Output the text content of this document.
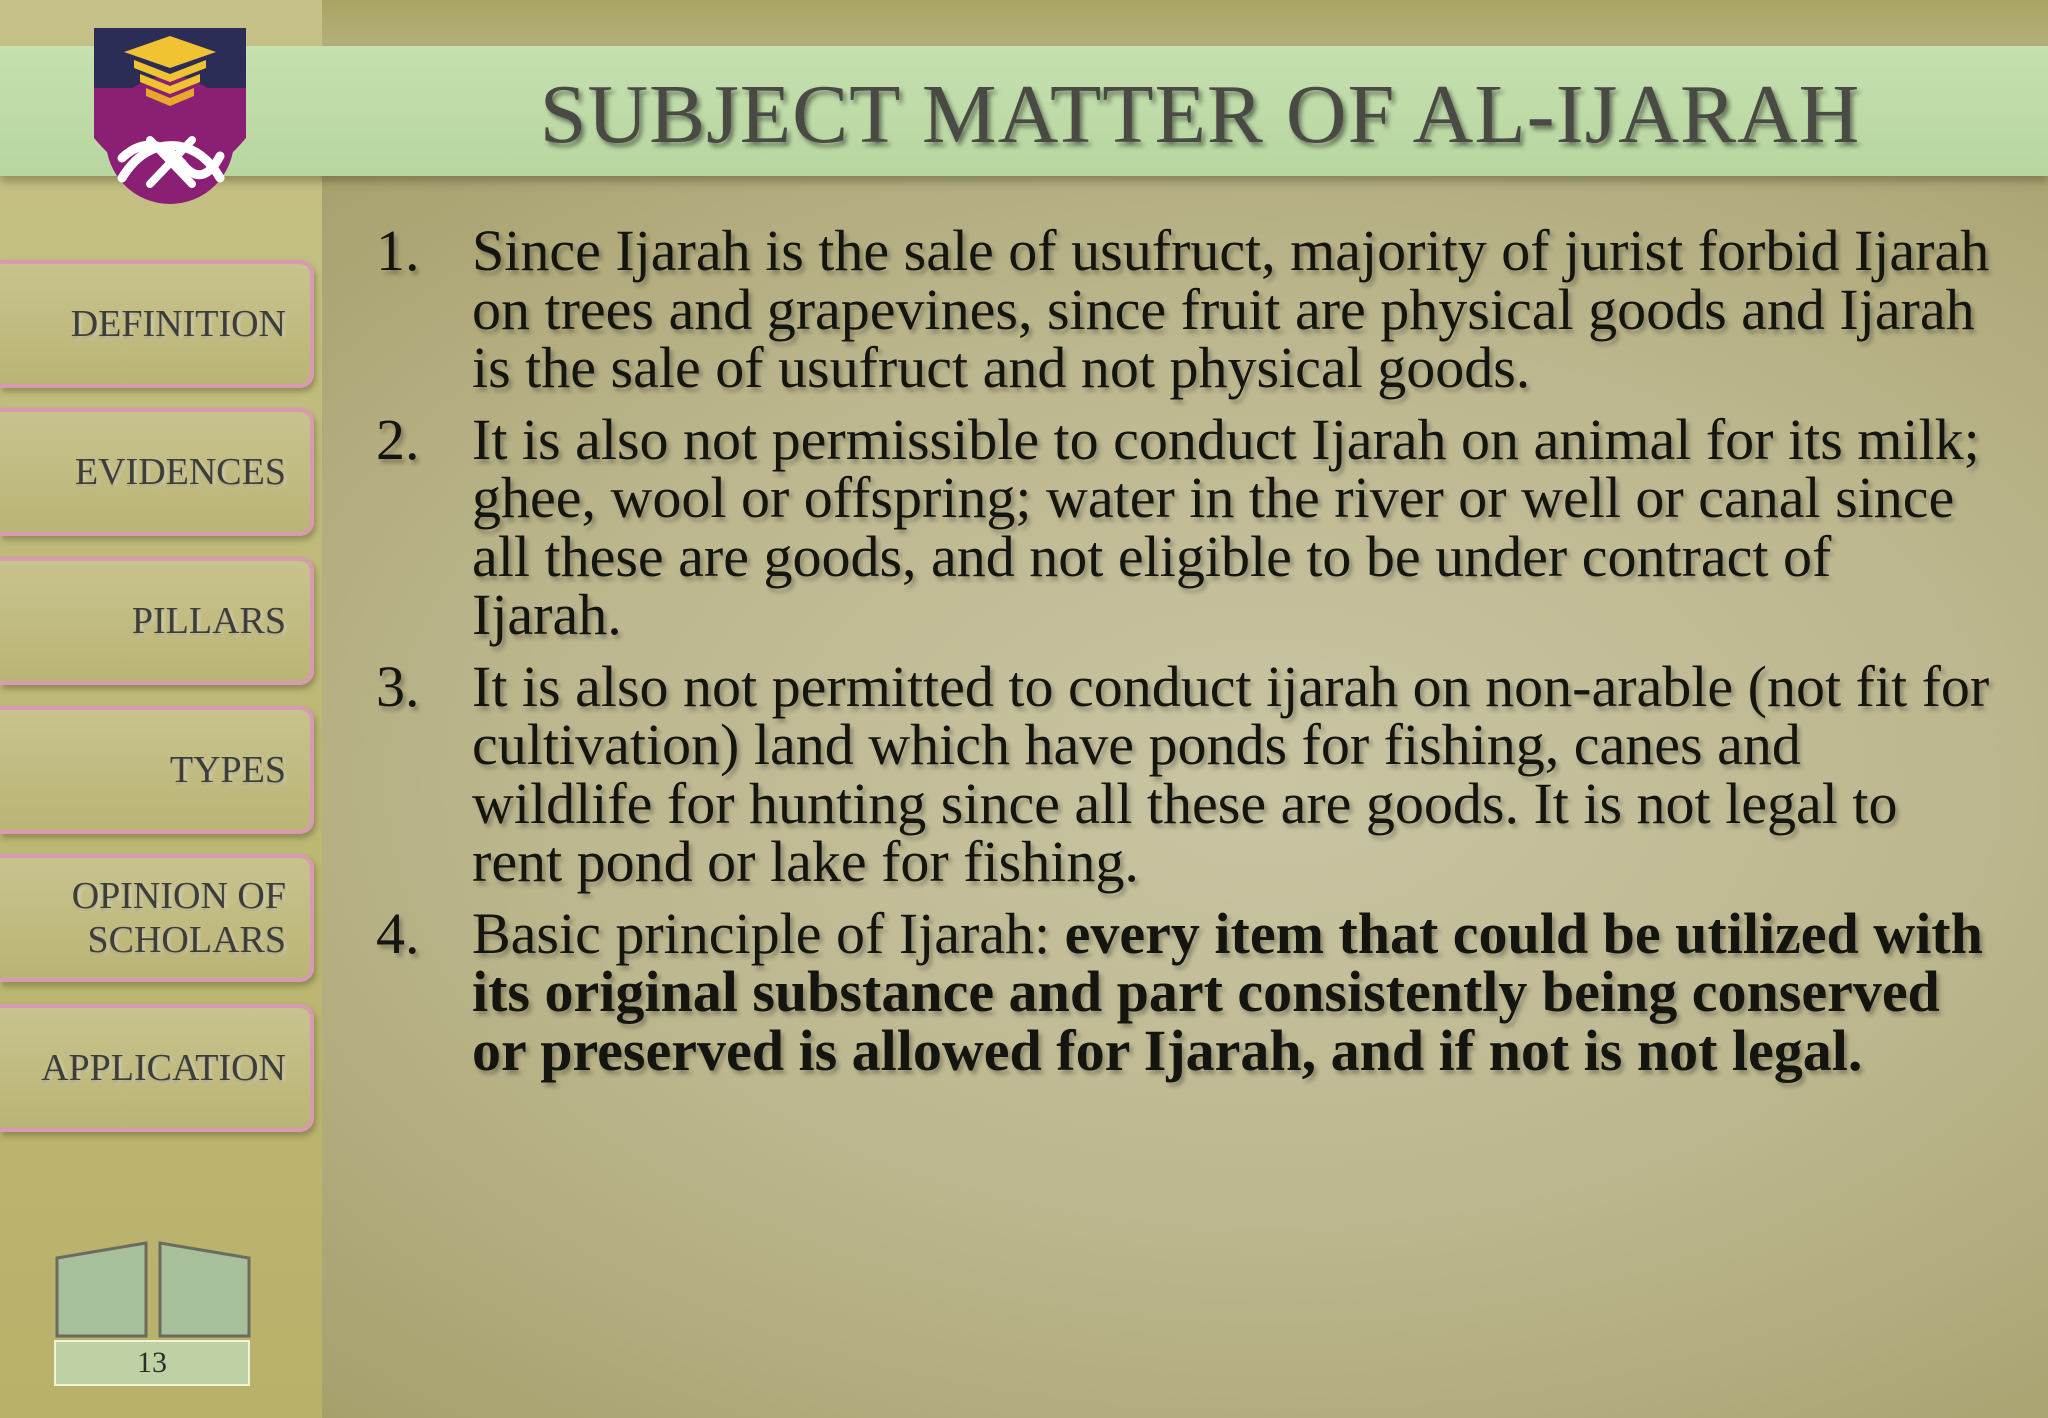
SUBJECT MATTER OF AL-IJARAH
DEFINITION
EVIDENCES
PILLARS
TYPES
OPINION OF
SCHOLARS
APPLICATION
1. Since Ijarah is the sale of usufruct, majority of jurist forbid Ijarah on trees and grapevines, since fruit are physical goods and Ijarah is the sale of usufruct and not physical goods.
2. It is also not permissible to conduct Ijarah on animal for its milk; ghee, wool or offspring; water in the river or well or canal since all these are goods, and not eligible to be under contract of Ijarah.
3. It is also not permitted to conduct ijarah on non-arable (not fit for cultivation) land which have ponds for fishing, canes and wildlife for hunting since all these are goods. It is not legal to rent pond or lake for fishing.
4. Basic principle of Ijarah: every item that could be utilized with its original substance and part consistently being conserved or preserved is allowed for Ijarah, and if not is not legal.
13
